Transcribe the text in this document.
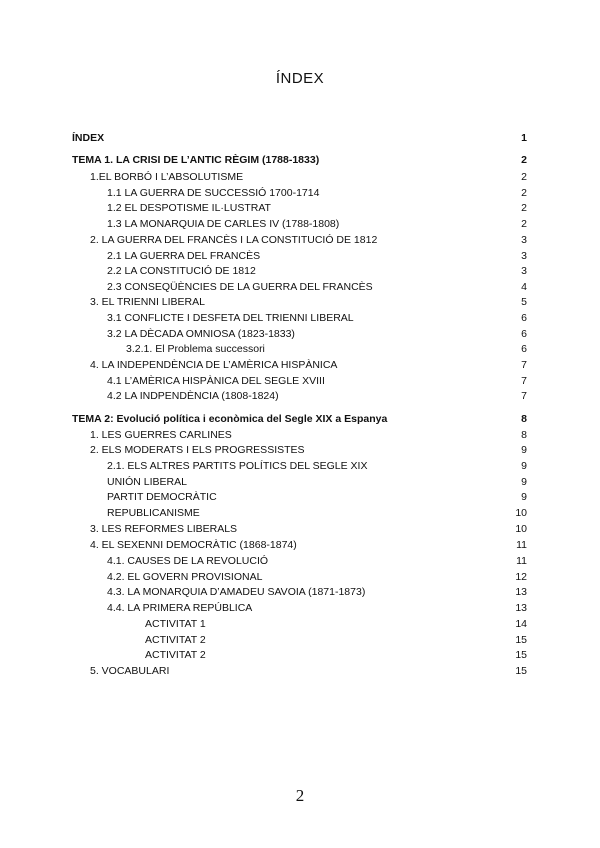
ÍNDEX
ÍNDEX	1
TEMA 1. LA CRISI DE L’ANTIC RÈGIM (1788-1833)	2
1.EL BORBÓ I L’ABSOLUTISME	2
1.1 LA GUERRA DE SUCCESSIÓ 1700-1714	2
1.2 EL DESPOTISME IL·LUSTRAT	2
1.3 LA MONARQUIA DE CARLES IV (1788-1808)	2
2. LA GUERRA DEL FRANCÈS I LA CONSTITUCIÓ DE 1812	3
2.1 LA GUERRA DEL FRANCÈS	3
2.2 LA CONSTITUCIÓ DE 1812	3
2.3 CONSEQÜÈNCIES DE LA GUERRA DEL FRANCÈS	4
3. EL TRIENNI LIBERAL	5
3.1 CONFLICTE I DESFETA DEL TRIENNI LIBERAL	6
3.2 LA DÈCADA OMNIOSA (1823-1833)	6
3.2.1. El Problema successori	6
4. LA INDEPENDÈNCIA DE L’AMÈRICA HISPÀNICA	7
4.1 L’AMÈRICA HISPÀNICA DEL SEGLE XVIII	7
4.2 LA INDPENDÈNCIA (1808-1824)	7
TEMA 2: Evolució política i econòmica del Segle XIX a Espanya	8
1. LES GUERRES CARLINES	8
2. ELS MODERATS I ELS PROGRESSISTES	9
2.1. ELS ALTRES PARTITS POLÍTICS DEL SEGLE XIX	9
UNIÓN LIBERAL	9
PARTIT DEMOCRÀTIC	9
REPUBLICANISME	10
3. LES REFORMES LIBERALS	10
4. EL SEXENNI DEMOCRÀTIC (1868-1874)	11
4.1. CAUSES DE LA REVOLUCIÓ	11
4.2. EL GOVERN PROVISIONAL	12
4.3. LA MONARQUIA D’AMADEU SAVOIA (1871-1873)	13
4.4. LA PRIMERA REPÚBLICA	13
ACTIVITAT 1	14
ACTIVITAT 2	15
ACTIVITAT 2	15
5. VOCABULARI	15
2
